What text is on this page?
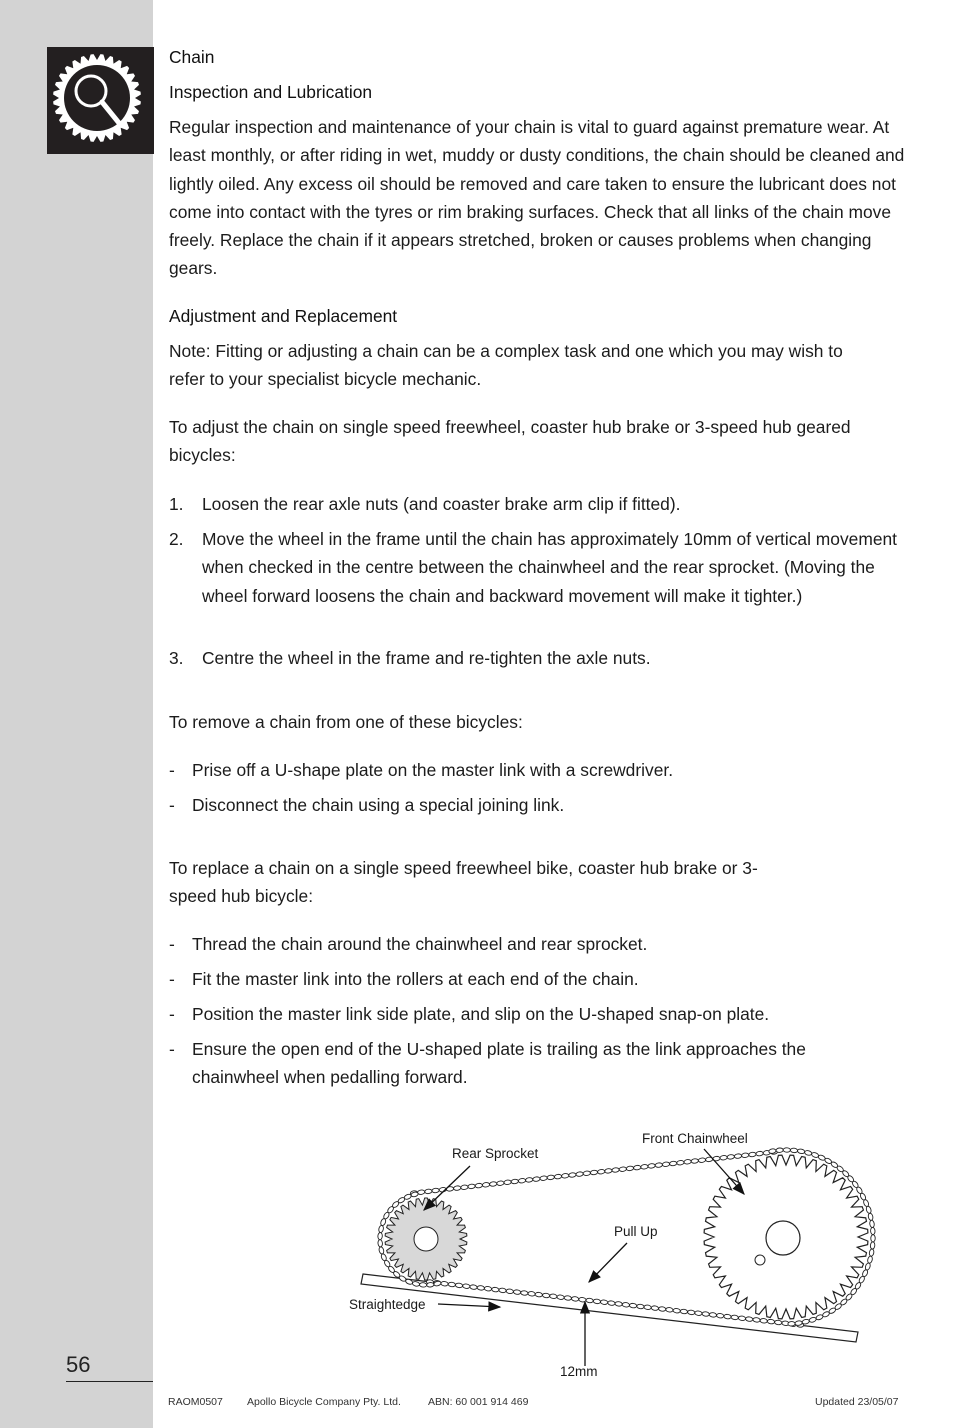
56
Chain
Inspection and Lubrication
Regular inspection and maintenance of your chain is vital to guard against premature wear. At least monthly, or after riding in wet, muddy or dusty conditions, the chain should be cleaned and lightly oiled. Any excess oil should be removed and care taken to ensure the lubricant does not come into contact with the tyres or rim braking surfaces. Check that all links of the chain move freely. Replace the chain if it appears stretched, broken or causes problems when changing gears.
Adjustment and Replacement
Note: Fitting or adjusting a chain can be a complex task and one which you may wish to refer to your specialist bicycle mechanic.
To adjust the chain on single speed freewheel, coaster hub brake or 3-speed hub geared bicycles:
1. Loosen the rear axle nuts (and coaster brake arm clip if fitted).
2. Move the wheel in the frame until the chain has approximately 10mm of vertical movement when checked in the centre between the chainwheel and the rear sprocket. (Moving the wheel forward loosens the chain and backward movement will make it tighter.)
3. Centre the wheel in the frame and re-tighten the axle nuts.
To remove a chain from one of these bicycles:
- Prise off a U-shape plate on the master link with a screwdriver.
- Disconnect the chain using a special joining link.
To replace a chain on a single speed freewheel bike, coaster hub brake or 3-speed hub bicycle:
- Thread the chain around the chainwheel and rear sprocket.
- Fit the master link into the rollers at each end of the chain.
- Position the master link side plate, and slip on the U-shaped snap-on plate.
- Ensure the open end of the U-shaped plate is trailing as the link approaches the chainwheel when pedalling forward.
Rear Sprocket
Front Chainwheel
Pull Up
Straightedge
12mm
RAOM0507 Apollo Bicycle Company Pty. Ltd.	ABN: 60 001 914 469	Updated 23/05/07
